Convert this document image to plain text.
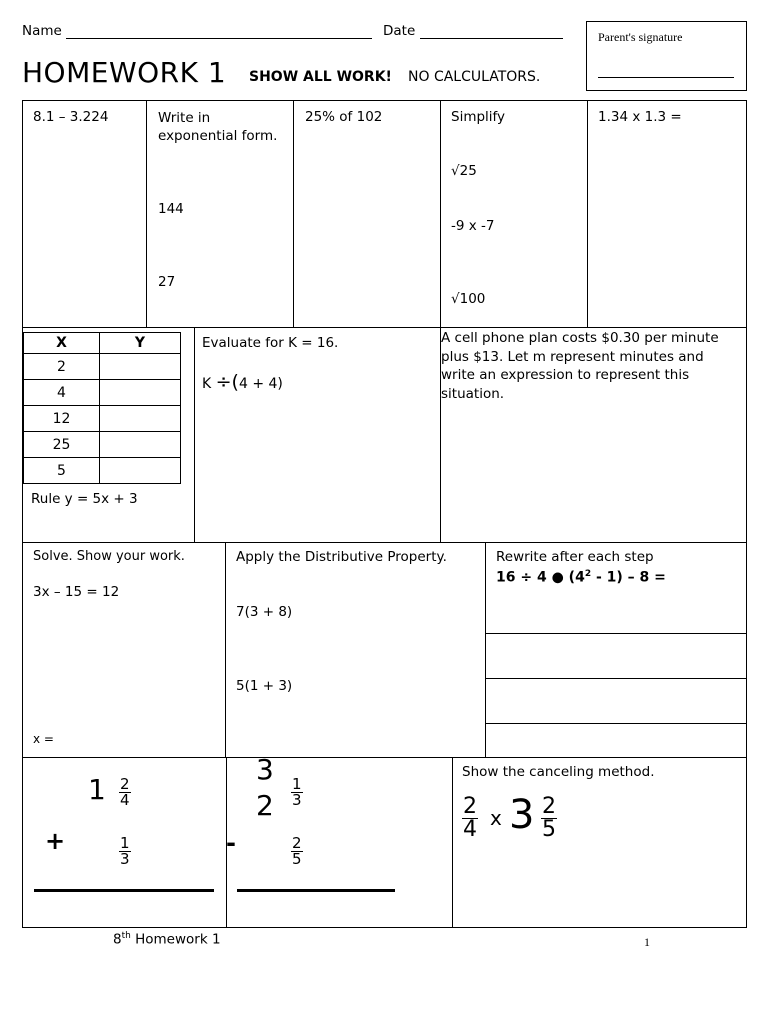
Name	Date
HOMEWORK 1 SHOW ALL WORK! NO CALCULATORS.
Parent's signature
8.1 – 3.224	Write in exponential form.
144
27
25% of 102	Simplify
√25
-9 x -7
√100
1.34 x 1.3 =
X	Y
2	
4	
12	
25	
5	
Rule y = 5x + 3
Evaluate for K = 16.
K ÷(4 + 4)
A cell phone plan costs $0.30 per minute plus $13. Let m represent minutes and write an expression to represent this situation.
Solve. Show your work.
3x – 15 = 12
x =
Apply the Distributive Property.
7(3 + 8)
5(1 + 3)
Rewrite after each step
16 ÷ 4 ● $(4^2 - 1) - 8$ =
$1 \frac{2}{4}$
+	$\frac{1}{3}$
3
$2 \frac{1}{3}$
-	$\frac{2}{5}$
Show the canceling method.
$\frac{2}{4}$ x $3 \frac{2}{5}$
8th Homework 1	1
